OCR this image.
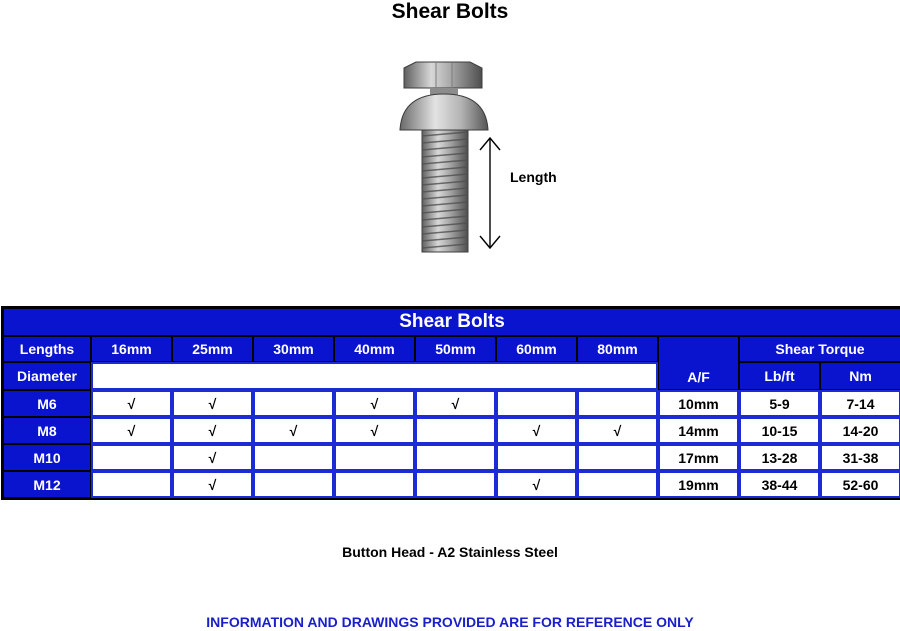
Shear Bolts
Length
Shear Bolts										
Lengths	16mm	25mm	30mm	40mm	50mm	60mm	80mm	A/F	Shear Torque	
Diameter									Lb/ft	Nm
M6	√	√		√	√			10mm	5-9	7-14
M8	√	√	√	√		√	√	14mm	10-15	14-20
M10		√						17mm	13-28	31-38
M12		√				√		19mm	38-44	52-60
Button Head - A2 Stainless Steel
INFORMATION AND DRAWINGS PROVIDED ARE FOR REFERENCE ONLY
